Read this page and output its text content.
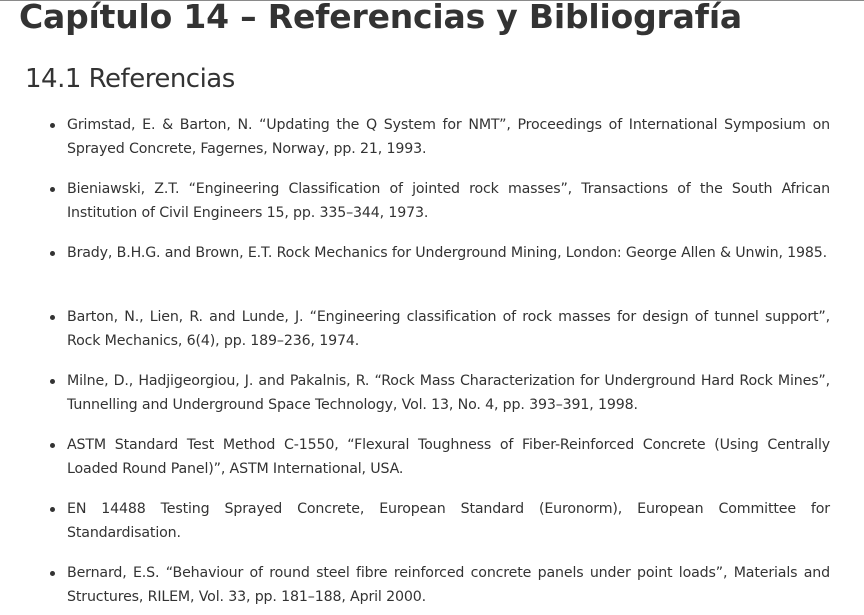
Capítulo 14 – Referencias y Bibliografía
14.1 Referencias
Grimstad, E. & Barton, N. “Updating the Q System for NMT”, Proceedings of International Symposium on Sprayed Concrete, Fagernes, Norway, pp. 21, 1993.
Bieniawski, Z.T. “Engineering Classification of jointed rock masses”, Transactions of the South African Institution of Civil Engineers 15, pp. 335–344, 1973.
Brady, B.H.G. and Brown, E.T. Rock Mechanics for Underground Mining, London: George Allen & Unwin, 1985.
Barton, N., Lien, R. and Lunde, J. “Engineering classification of rock masses for design of tunnel support”, Rock Mechanics, 6(4), pp. 189–236, 1974.
Milne, D., Hadjigeorgiou, J. and Pakalnis, R. “Rock Mass Characterization for Underground Hard Rock Mines”, Tunnelling and Underground Space Technology, Vol. 13, No. 4, pp. 393–391, 1998.
ASTM Standard Test Method C-1550, “Flexural Toughness of Fiber-Reinforced Concrete (Using Centrally Loaded Round Panel)”, ASTM International, USA.
EN 14488 Testing Sprayed Concrete, European Standard (Euronorm), European Committee for Standardisation.
Bernard, E.S. “Behaviour of round steel fibre reinforced concrete panels under point loads”, Materials and Structures, RILEM, Vol. 33, pp. 181–188, April 2000.
